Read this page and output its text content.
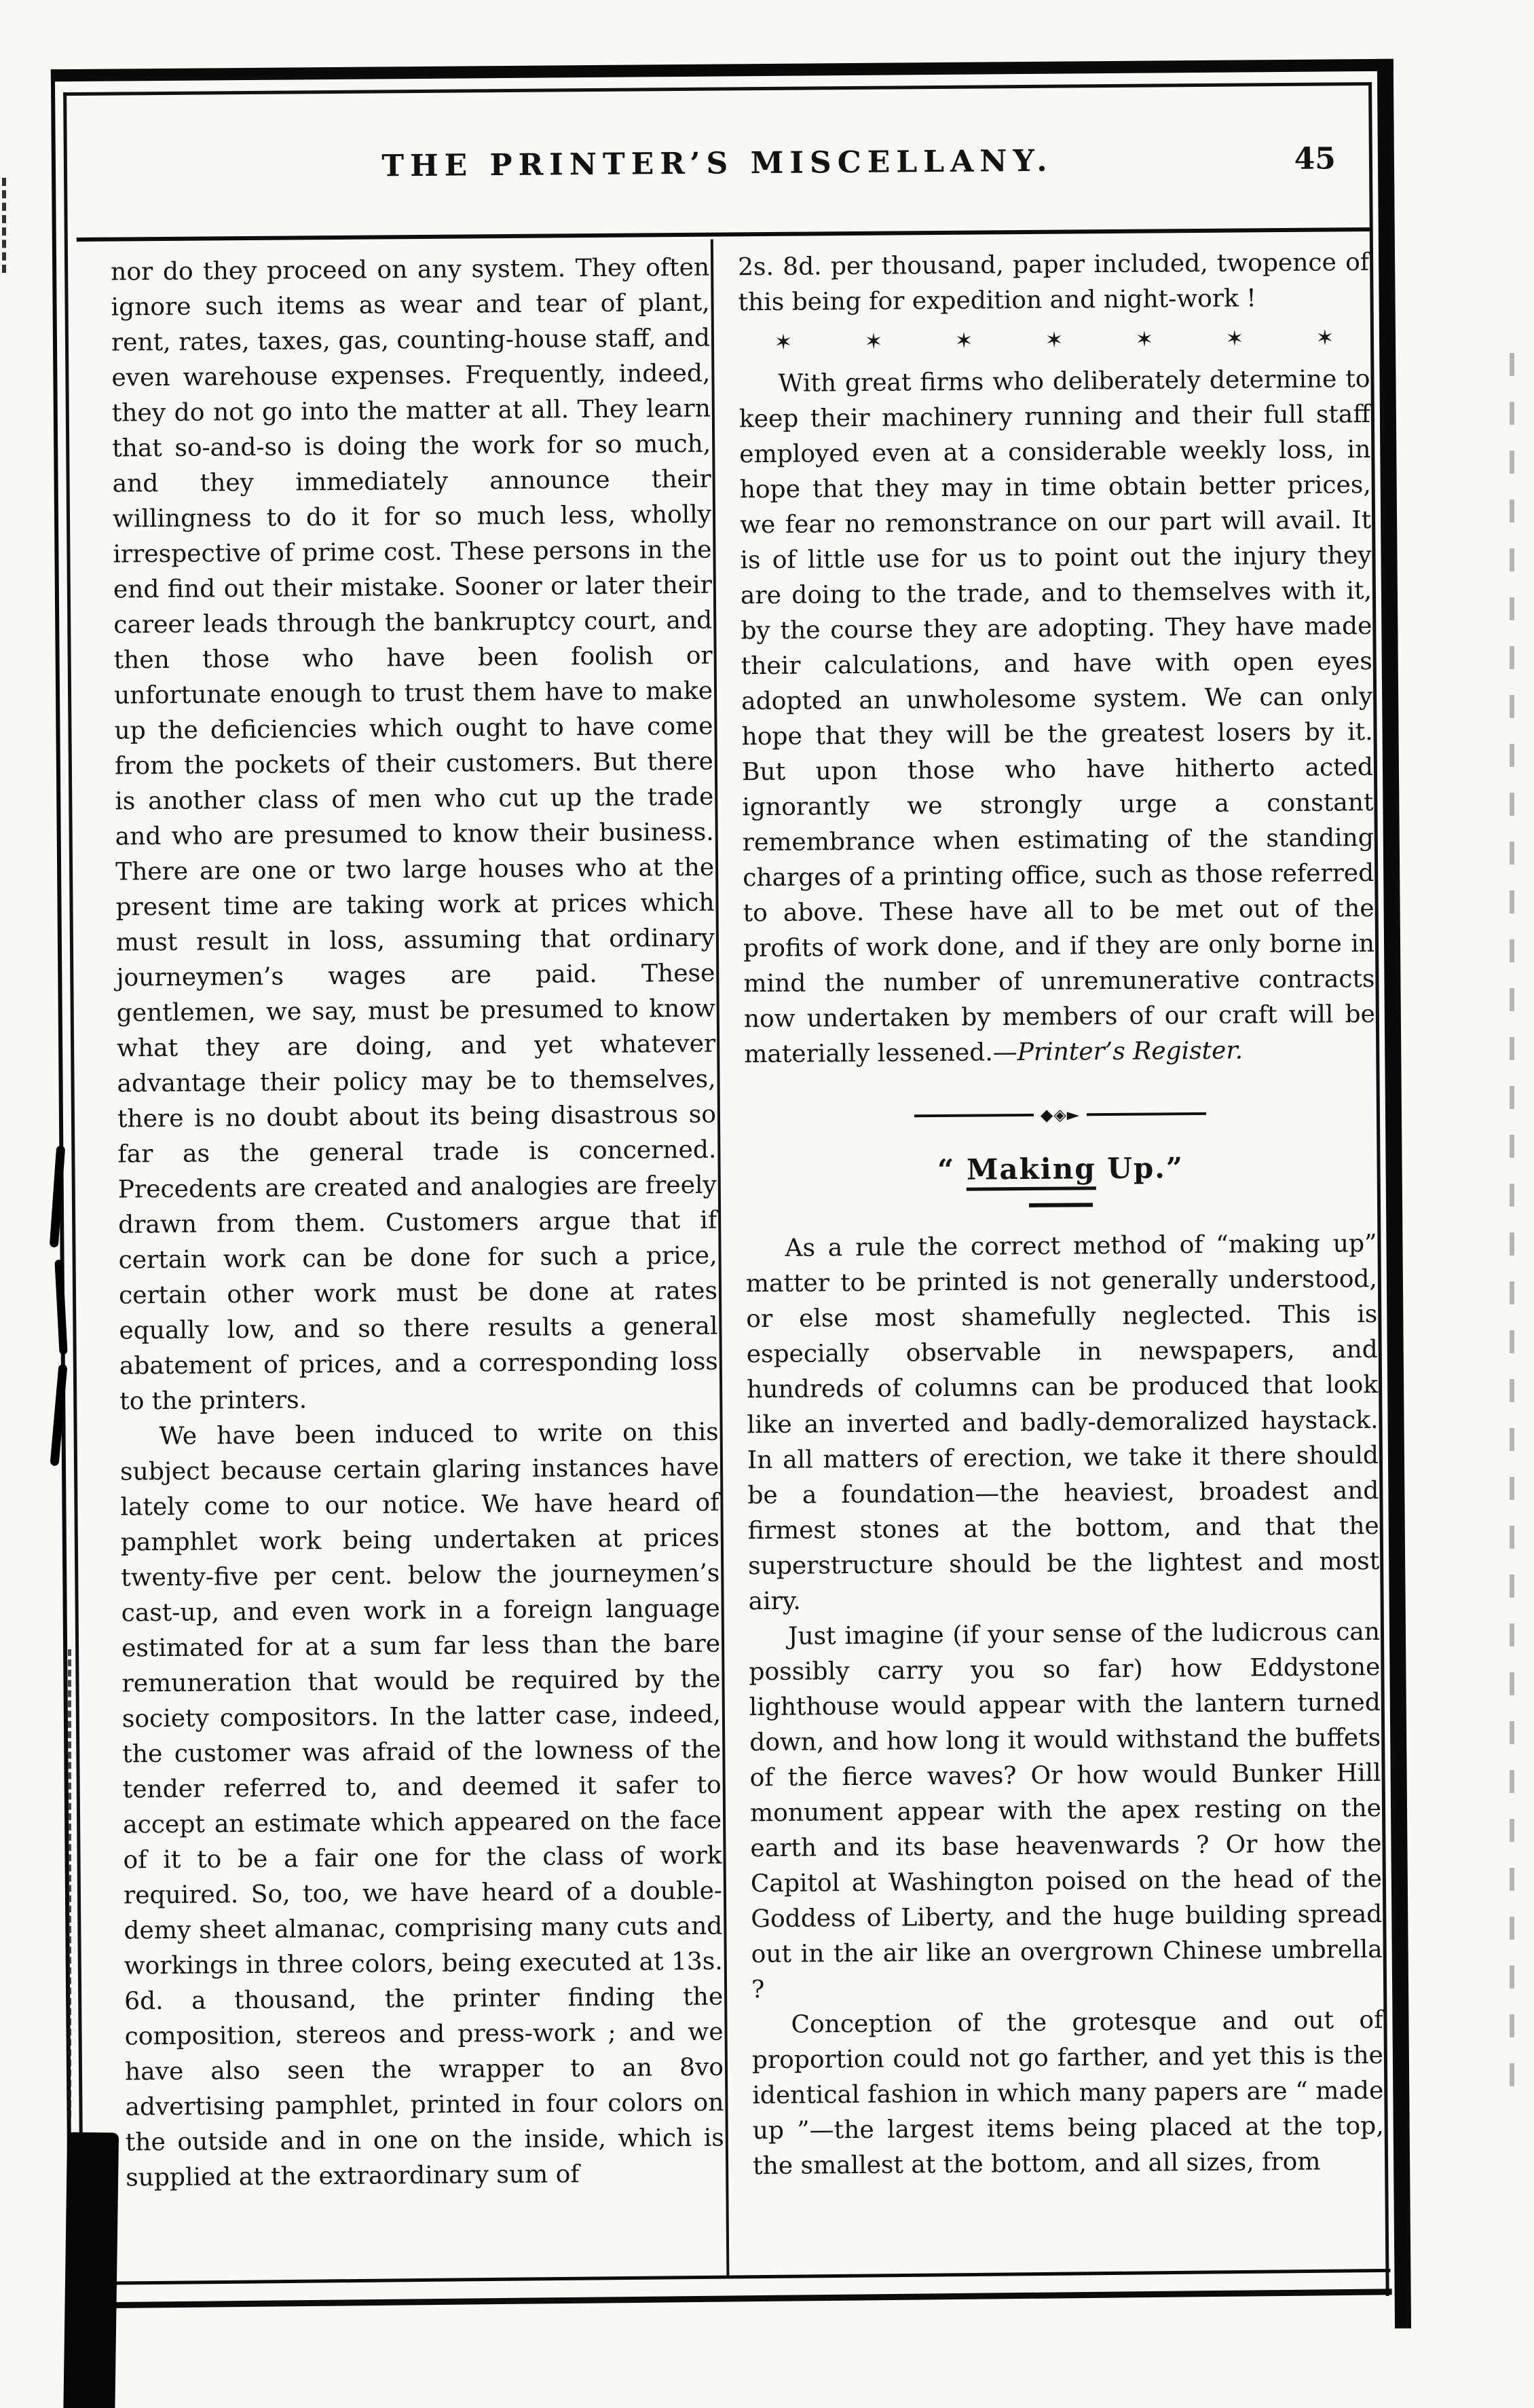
THE PRINTER’S MISCELLANY.	45

nor do they proceed on any system. They often ignore such items as wear and tear of plant, rent, rates, taxes, gas, counting-house staff, and even warehouse expenses. Frequently, indeed, they do not go into the matter at all. They learn that so-and-so is doing the work for so much, and they immediately announce their willingness to do it for so much less, wholly irrespective of prime cost. These persons in the end find out their mistake. Sooner or later their career leads through the bankruptcy court, and then those who have been foolish or unfortunate enough to trust them have to make up the deficiencies which ought to have come from the pockets of their customers. But there is another class of men who cut up the trade and who are presumed to know their business. There are one or two large houses who at the present time are taking work at prices which must result in loss, assuming that ordinary journeymen’s wages are paid. These gentlemen, we say, must be presumed to know what they are doing, and yet whatever advantage their policy may be to themselves, there is no doubt about its being disastrous so far as the general trade is concerned. Precedents are created and analogies are freely drawn from them. Customers argue that if certain work can be done for such a price, certain other work must be done at rates equally low, and so there results a general abatement of prices, and a corresponding loss to the printers.

We have been induced to write on this subject because certain glaring instances have lately come to our notice. We have heard of pamphlet work being undertaken at prices twenty-five per cent. below the journeymen’s cast-up, and even work in a foreign language estimated for at a sum far less than the bare remuneration that would be required by the society compositors. In the latter case, indeed, the customer was afraid of the lowness of the tender referred to, and deemed it safer to accept an estimate which appeared on the face of it to be a fair one for the class of work required. So, too, we have heard of a double-demy sheet almanac, comprising many cuts and workings in three colors, being executed at 13s. 6d. a thousand, the printer finding the composition, stereos and press-work ; and we have also seen the wrapper to an 8vo advertising pamphlet, printed in four colors on the outside and in one on the inside, which is supplied at the extraordinary sum of

2s. 8d. per thousand, paper included, twopence of this being for expedition and night-work !

✶ ✶ ✶ ✶ ✶ ✶ ✶

With great firms who deliberately determine to keep their machinery running and their full staff employed even at a considerable weekly loss, in hope that they may in time obtain better prices, we fear no remonstrance on our part will avail. It is of little use for us to point out the injury they are doing to the trade, and to themselves with it, by the course they are adopting. They have made their calculations, and have with open eyes adopted an unwholesome system. We can only hope that they will be the greatest losers by it. But upon those who have hitherto acted ignorantly we strongly urge a constant remembrance when estimating of the standing charges of a printing office, such as those referred to above. These have all to be met out of the profits of work done, and if they are only borne in mind the number of unremunerative contracts now undertaken by members of our craft will be materially lessened.—Printer’s Register.

◆◈►
“ Making Up.”

As a rule the correct method of “making up” matter to be printed is not generally understood, or else most shamefully neglected. This is especially observable in newspapers, and hundreds of columns can be produced that look like an inverted and badly-demoralized haystack. In all matters of erection, we take it there should be a foundation—the heaviest, broadest and firmest stones at the bottom, and that the superstructure should be the lightest and most airy.

Just imagine (if your sense of the ludicrous can possibly carry you so far) how Eddystone lighthouse would appear with the lantern turned down, and how long it would withstand the buffets of the fierce waves? Or how would Bunker Hill monument appear with the apex resting on the earth and its base heavenwards ? Or how the Capitol at Washington poised on the head of the Goddess of Liberty, and the huge building spread out in the air like an overgrown Chinese umbrella ?

Conception of the grotesque and out of proportion could not go farther, and yet this is the identical fashion in which many papers are “ made up ”—the largest items being placed at the top, the smallest at the bottom, and all sizes, from
